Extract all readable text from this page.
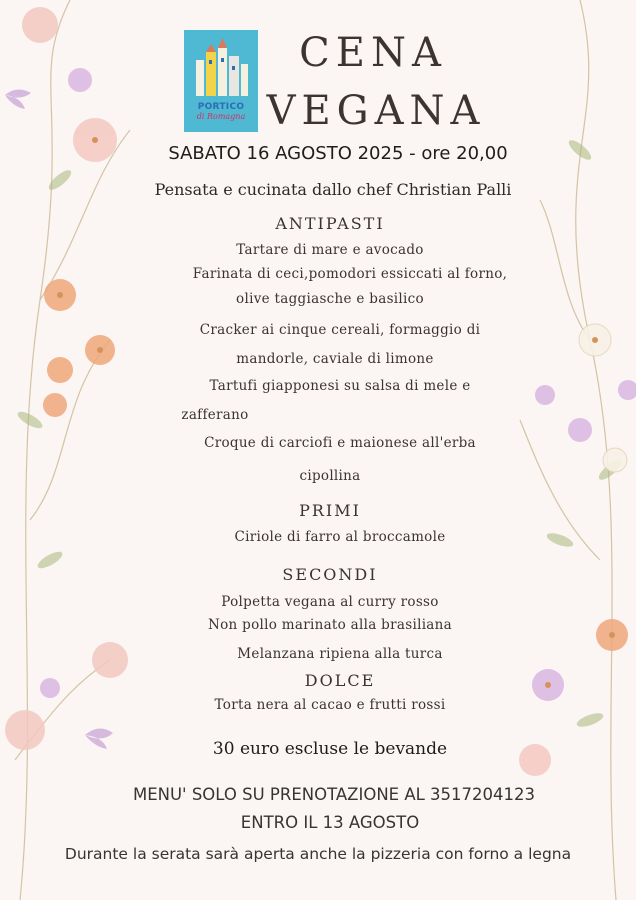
PORTICO
di Romagna
CENA
VEGANA
SABATO 16 AGOSTO 2025 - ore 20,00
Pensata e cucinata dallo chef Christian Palli
ANTIPASTI
Tartare di mare e avocado
Farinata di ceci,pomodori essiccati al forno,
olive taggiasche e basilico
Cracker ai cinque cereali, formaggio di
mandorle, caviale di limone
Tartufi giapponesi su salsa di mele e
zafferano
Croque di carciofi e maionese all'erba
cipollina
PRIMI
Ciriole di farro al broccamole
SECONDI
Polpetta vegana al curry rosso
Non pollo marinato alla brasiliana
Melanzana ripiena alla turca
DOLCE
Torta nera al cacao e frutti rossi
30 euro escluse le bevande
MENU' SOLO SU PRENOTAZIONE AL 3517204123
ENTRO IL 13 AGOSTO
Durante la serata sarà aperta anche la pizzeria con forno a legna
